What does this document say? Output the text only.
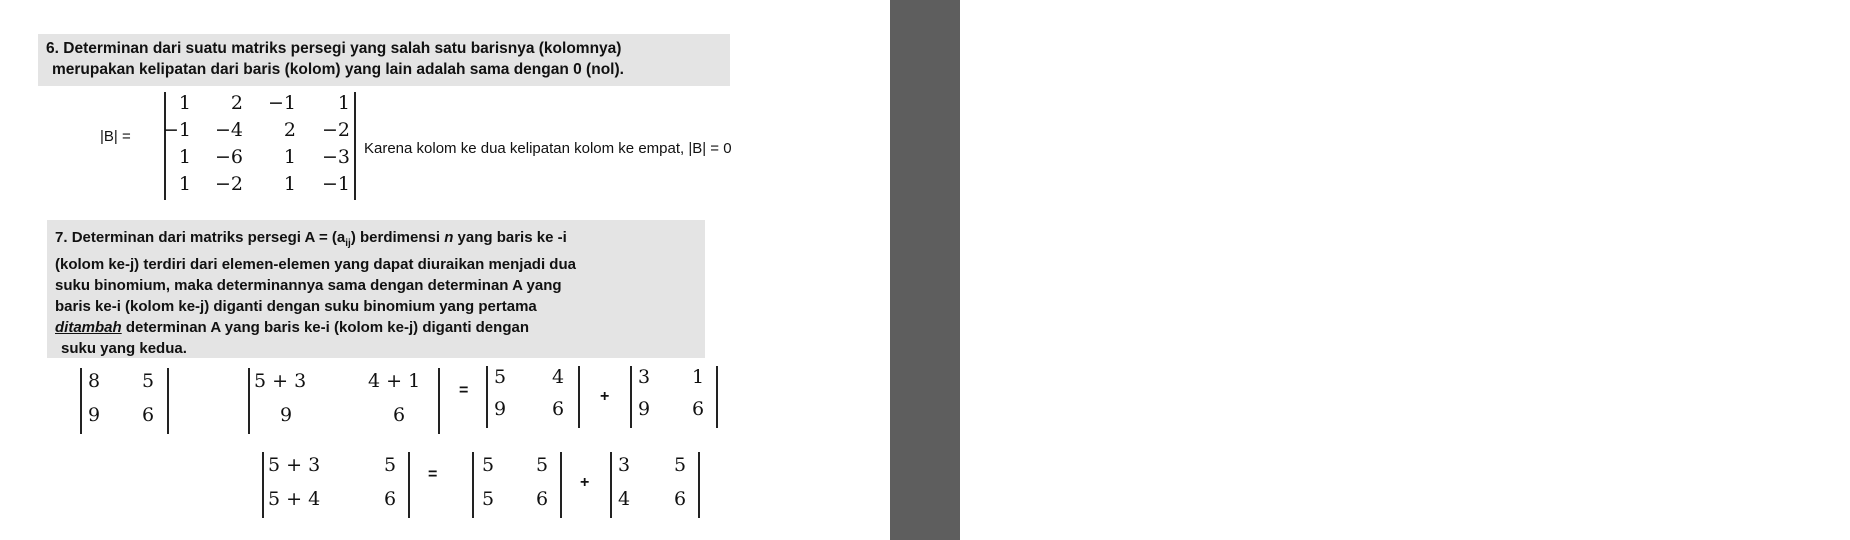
12/4/2020
destyraktmawati@yahoo.com
18
6. Determinan dari suatu matriks persegi yang salah satu barisnya (kolomnya)
merupakan kelipatan dari baris (kolom) yang lain adalah sama dengan 0 (nol).
|B| =
1 2 −1 1
−1 −4 2 −2
1 −6 1 −3
1 −2 1 −1
Karena kolom ke dua kelipatan kolom ke empat, |B| = 0
7. Determinan dari matriks persegi $A = (a_{ij})$ berdimensi n yang baris ke -i
(kolom ke-j) terdiri dari elemen-elemen yang dapat diuraikan menjadi dua
suku binomium, maka determinannya sama dengan determinan A yang
baris ke-i (kolom ke-j) diganti dengan suku binomium yang pertama
ditambah determinan A yang baris ke-i (kolom ke-j) diganti dengan
suku yang kedua.
8 5
9 6
5 + 3	4 + 1
9	6
=
5 4
9 6
+
3 1
9 6
5 + 3	5
5 + 4	6
= 5 5
5 6
+
3 5
4 6
